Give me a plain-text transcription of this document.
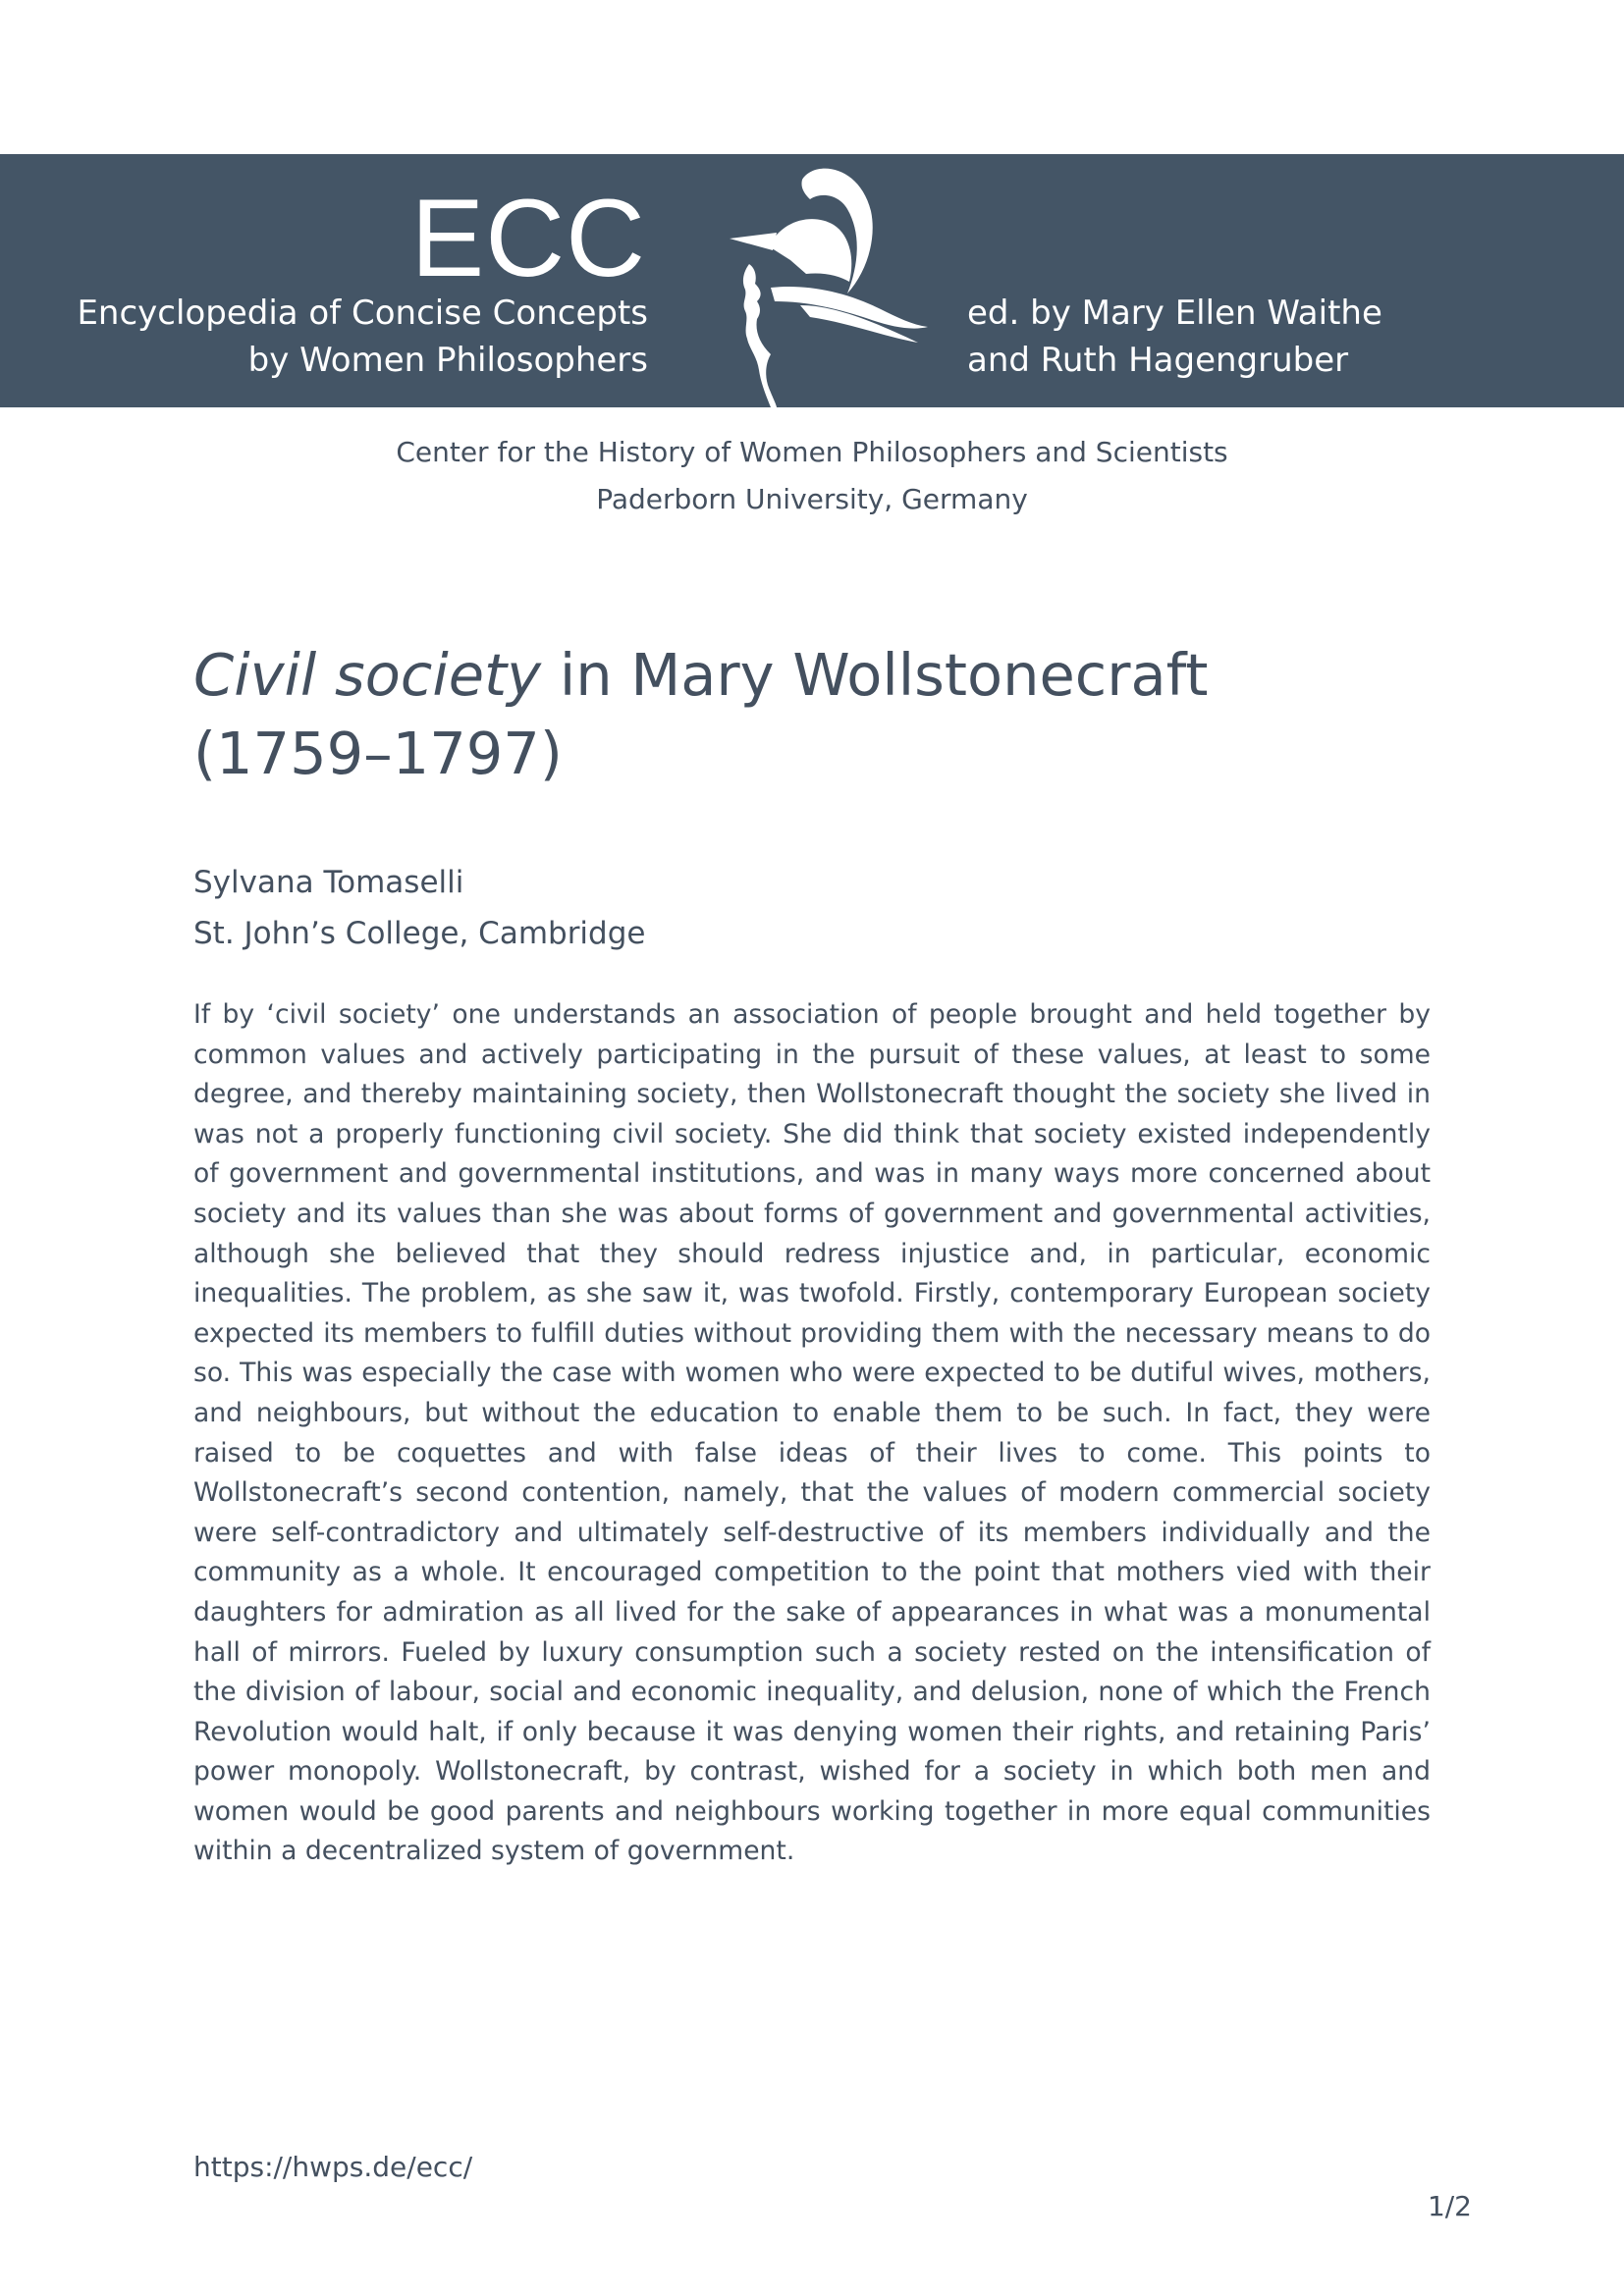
ECC
Encyclopedia of Concise Concepts
by Women Philosophers
ed. by Mary Ellen Waithe
and Ruth Hagengruber
Center for the History of Women Philosophers and Scientists
Paderborn University, Germany
Civil society in Mary Wollstonecraft
(1759–1797)
Sylvana Tomaselli
St. John’s College, Cambridge

If by ‘civil society’ one understands an association of people brought and held together by common values and actively participating in the pursuit of these values, at least to some degree, and thereby maintaining society, then Wollstonecraft thought the society she lived in was not a properly functioning civil society. She did think that society existed independently of government and governmental institutions, and was in many ways more concerned about society and its values than she was about forms of government and governmental activities, although she believed that they should redress injustice and, in particular, economic inequalities. The problem, as she saw it, was twofold. Firstly, contemporary European society expected its members to fulfill duties without providing them with the necessary means to do so. This was especially the case with women who were expected to be dutiful wives, mothers, and neighbours, but without the education to enable them to be such. In fact, they were raised to be coquettes and with false ideas of their lives to come. This points to Wollstonecraft’s second contention, namely, that the values of modern commercial society were self-contradictory and ultimately self-destructive of its members individually and the community as a whole. It encouraged competition to the point that mothers vied with their daughters for admiration as all lived for the sake of appearances in what was a monumental hall of mirrors. Fueled by luxury consumption such a society rested on the intensification of the division of labour, social and economic inequality, and delusion, none of which the French Revolution would halt, if only because it was denying women their rights, and retaining Paris’ power monopoly. Wollstonecraft, by contrast, wished for a society in which both men and women would be good parents and neighbours working together in more equal communities within a decentralized system of government.

https://hwps.de/ecc/
1/2
